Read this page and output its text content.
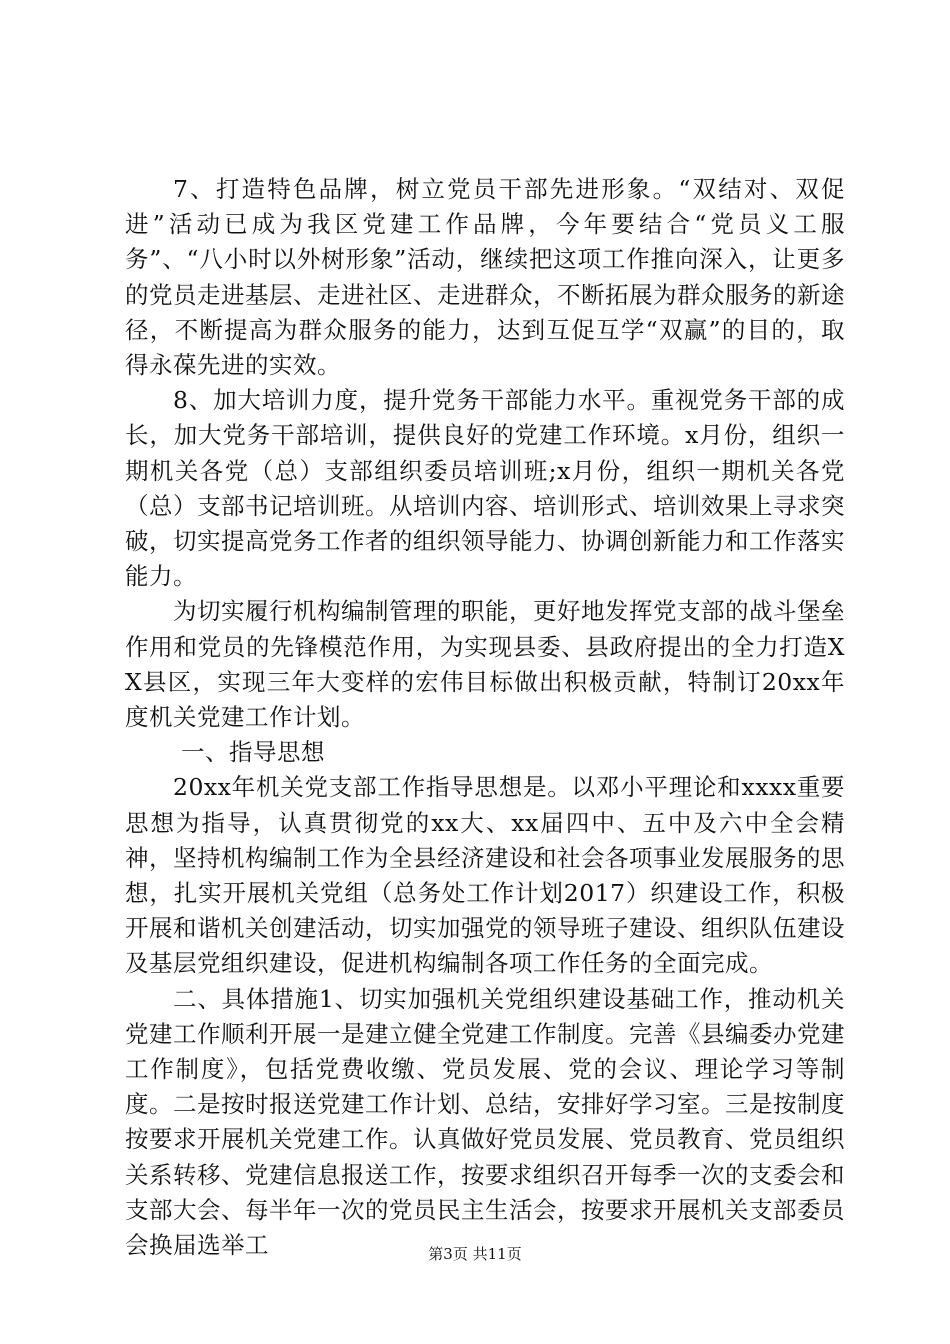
7、打造特色品牌，树立党员干部先进形象。“双结对、双促进”活动已成为我区党建工作品牌，今年要结合“党员义工服务”、“八小时以外树形象”活动，继续把这项工作推向深入，让更多的党员走进基层、走进社区、走进群众，不断拓展为群众服务的新途径，不断提高为群众服务的能力，达到互促互学“双赢”的目的，取得永葆先进的实效。

8、加大培训力度，提升党务干部能力水平。重视党务干部的成长，加大党务干部培训，提供良好的党建工作环境。x月份，组织一期机关各党（总）支部组织委员培训班;x月份，组织一期机关各党（总）支部书记培训班。从培训内容、培训形式、培训效果上寻求突破，切实提高党务工作者的组织领导能力、协调创新能力和工作落实能力。

为切实履行机构编制管理的职能，更好地发挥党支部的战斗堡垒作用和党员的先锋模范作用，为实现县委、县政府提出的全力打造XX县区，实现三年大变样的宏伟目标做出积极贡献，特制订20xx年度机关党建工作计划。

一、指导思想

20xx年机关党支部工作指导思想是。以邓小平理论和xxxx重要思想为指导，认真贯彻党的xx大、xx届四中、五中及六中全会精神，坚持机构编制工作为全县经济建设和社会各项事业发展服务的思想，扎实开展机关党组（总务处工作计划2017）织建设工作，积极开展和谐机关创建活动，切实加强党的领导班子建设、组织队伍建设及基层党组织建设，促进机构编制各项工作任务的全面完成。

二、具体措施1、切实加强机关党组织建设基础工作，推动机关党建工作顺利开展一是建立健全党建工作制度。完善《县编委办党建工作制度》，包括党费收缴、党员发展、党的会议、理论学习等制度。二是按时报送党建工作计划、总结，安排好学习室。三是按制度按要求开展机关党建工作。认真做好党员发展、党员教育、党员组织关系转移、党建信息报送工作，按要求组织召开每季一次的支委会和支部大会、每半年一次的党员民主生活会，按要求开展机关支部委员会换届选举工	第3页 共11页
